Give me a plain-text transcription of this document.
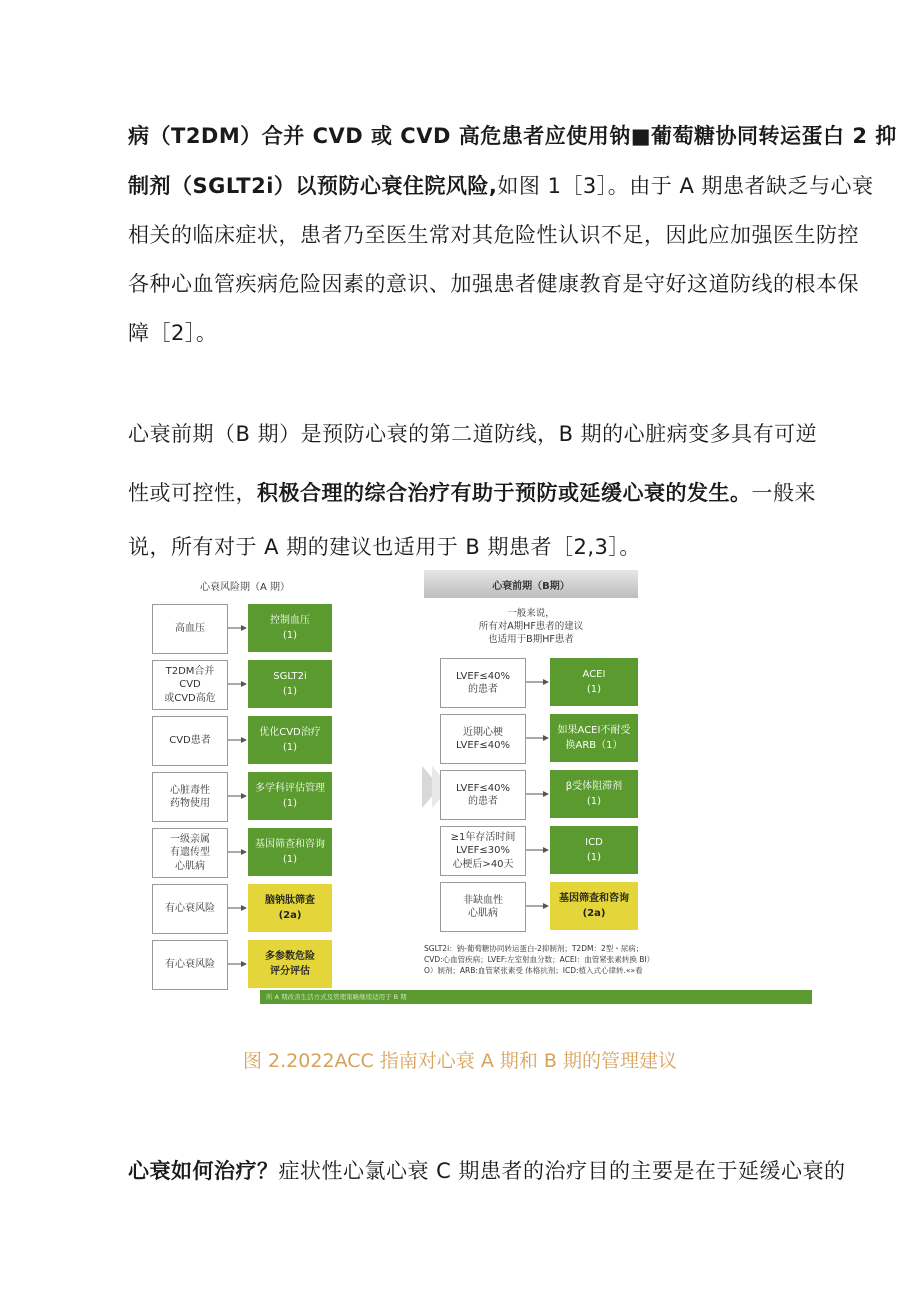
病（T2DM）合并 CVD 或 CVD 高危患者应使用钠■葡萄糖协同转运蛋白 2 抑
制剂（SGLT2i）以预防心衰住院风险,如图 1［3］。由于 A 期患者缺乏与心衰
相关的临床症状，患者乃至医生常对其危险性认识不足，因此应加强医生防控
各种心血管疾病危险因素的意识、加强患者健康教育是守好这道防线的根本保
障［2］。
心衰前期（B 期）是预防心衰的第二道防线，B 期的心脏病变多具有可逆
性或可控性，积极合理的综合治疗有助于预防或延缓心衰的发生。一般来
说，所有对于 A 期的建议也适用于 B 期患者［2,3］。
心衰风险期（A 期）
高血压
控制血压
(1)
T2DM合并
CVD
或CVD高危
SGLT2i
(1)
CVD患者
优化CVD治疗
(1)
心脏毒性
药物使用
多学科评估管理
(1)
一级亲属
有遗传型
心肌病
基因筛查和咨询
(1)
有心衰风险
脑钠肽筛查
(2a)
有心衰风险
多参数危险
评分评估
心衰前期（B期）
一般来说，
所有对A期HF患者的建议
也适用于B期HF患者
LVEF≤40%
的患者
ACEI
(1)
近期心梗
LVEF≤40%
如果ACEI不耐受
换ARB（1）
LVEF≤40%
的患者
β受体阻滞剂
(1)
≥1年存活时间
LVEF≤30%
心梗后>40天
ICD
(1)
非缺血性
心肌病
基因筛查和咨询
(2a)
SGLT2i：钠-葡萄糖协同转运蛋白-2抑制剂；T2DM：2型・尿病；CVD:心血管疾病；LVEF:左室射血分数；ACEI：血管紧张素转换 BI）O）制剂；ARB:血管紧张素受 体格抗剂；ICD:植入式心律转.«»看
所 A 期改善生活方式及管理策略继续适用于 B 期
图 2.2022ACC 指南对心衰 A 期和 B 期的管理建议
心衰如何治疗？症状性心氯心衰 C 期患者的治疗目的主要是在于延缓心衰的
